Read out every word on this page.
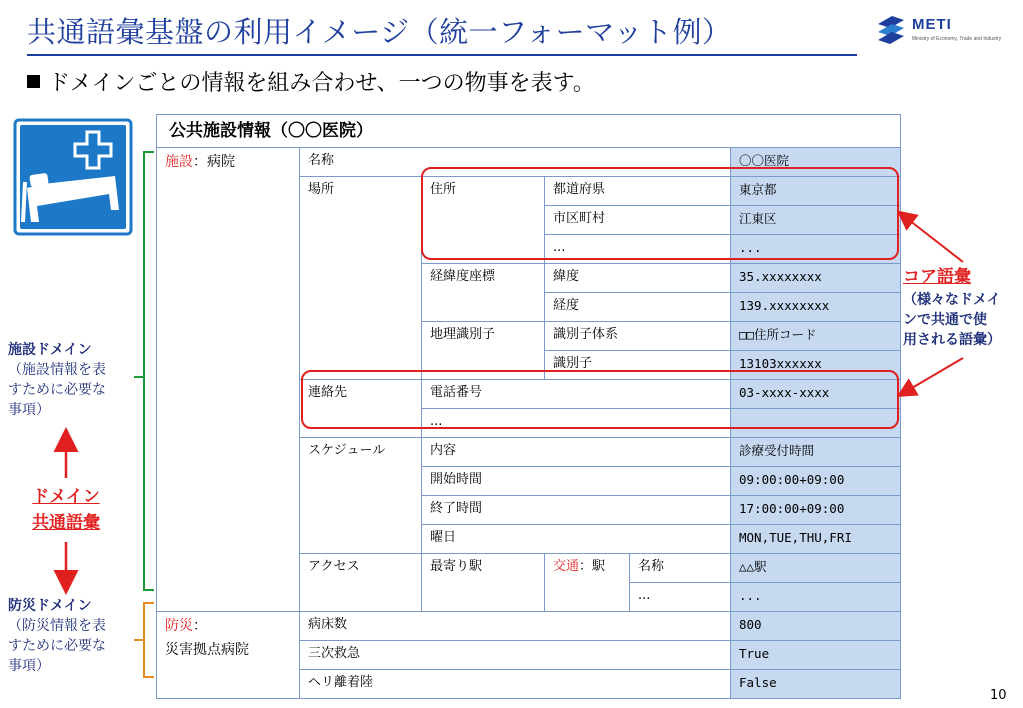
共通語彙基盤の利用イメージ（統一フォーマット例）	METI
Ministry of Economy, Trade and Industry
ドメインごとの情報を組み合わせ、一つの物事を表す。
公共施設情報（〇〇医院）					
施設：病院	名称				〇〇医院
	場所	住所	都道府県		東京都
			市区町村		江東区
			...		...
		経緯度座標	緯度		35.xxxxxxxx
			経度		139.xxxxxxxx
		地理識別子	識別子体系		□□住所コード
			識別子		13103xxxxxx
	連絡先	電話番号			03-xxxx-xxxx
		...			
	スケジュール	内容			診療受付時間
		開始時間			09:00:00+09:00
		終了時間			17:00:00+09:00
		曜日			MON,TUE,THU,FRI
	アクセス	最寄り駅	交通：駅	名称	△△駅
				...	...
防災：
災害拠点病院	病床数				800
	三次救急				True
	ヘリ離着陸				False
コア語彙
（様々なドメイ
ンで共通で使
用される語彙）
施設ドメイン
（施設情報を表
すために必要な
事項）
ドメイン
共通語彙
防災ドメイン
（防災情報を表
すために必要な
事項）
10
